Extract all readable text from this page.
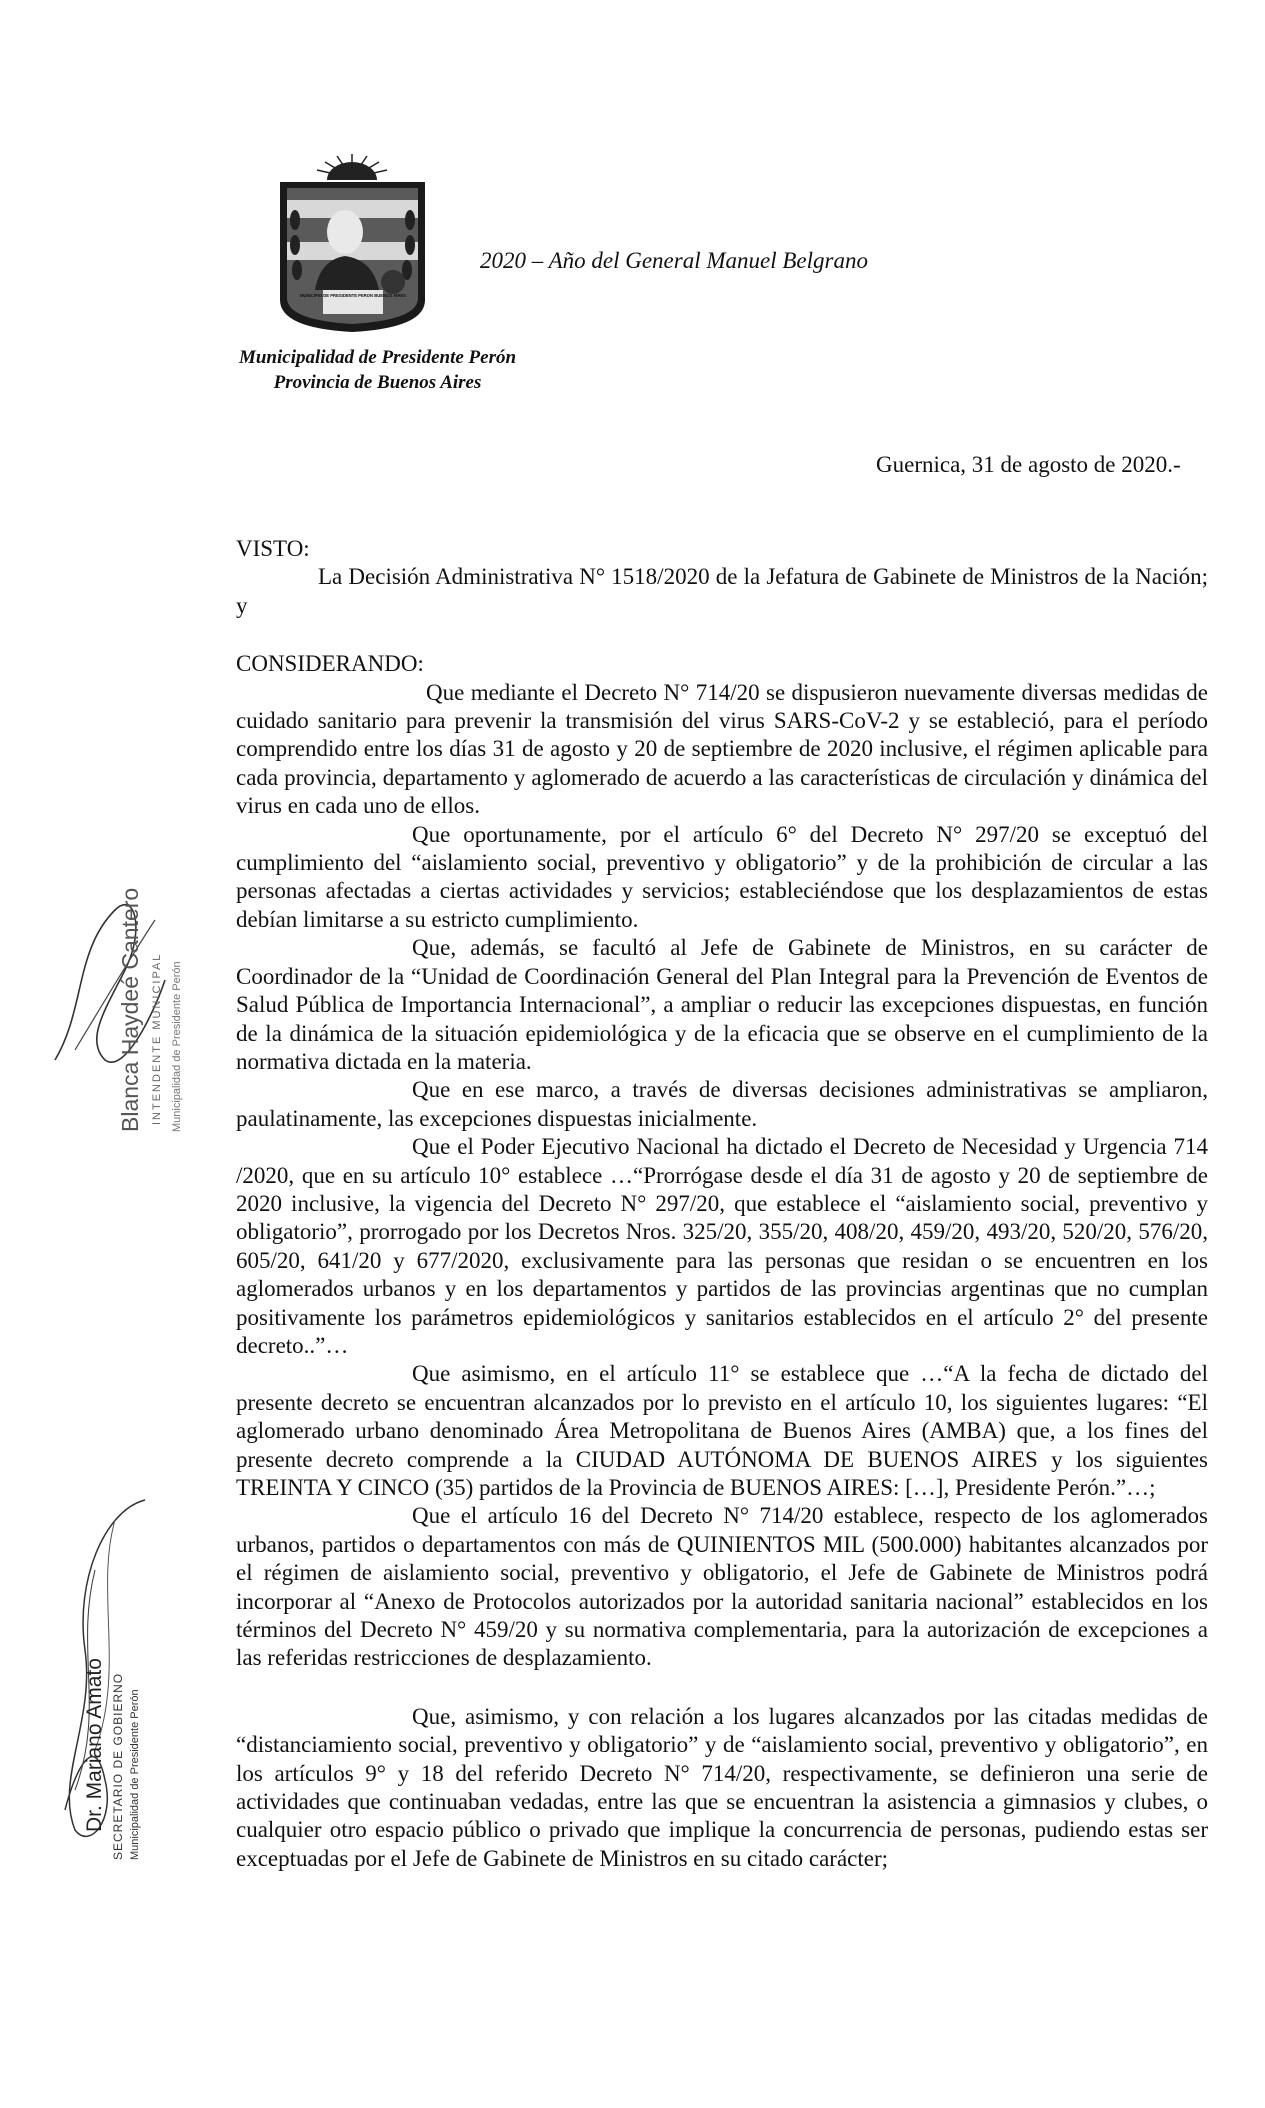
MUNICIPIO DE PRESIDENTE PERON BUENOS AIRES
2020 – Año del General Manuel Belgrano
Municipalidad de Presidente Perón
Provincia de Buenos Aires
Guernica, 31 de agosto de 2020.-

VISTO:

La Decisión Administrativa N° 1518/2020 de la Jefatura de Gabinete de Ministros de la Nación; y

CONSIDERANDO:

Que mediante el Decreto N° 714/20 se dispusieron nuevamente diversas medidas de cuidado sanitario para prevenir la transmisión del virus SARS-CoV-2 y se estableció, para el período comprendido entre los días 31 de agosto y 20 de septiembre de 2020 inclusive, el régimen aplicable para cada provincia, departamento y aglomerado de acuerdo a las características de circulación y dinámica del virus en cada uno de ellos.

Que oportunamente, por el artículo 6° del Decreto N° 297/20 se exceptuó del cumplimiento del “aislamiento social, preventivo y obligatorio” y de la prohibición de circular a las personas afectadas a ciertas actividades y servicios; estableciéndose que los desplazamientos de estas debían limitarse a su estricto cumplimiento.

Que, además, se facultó al Jefe de Gabinete de Ministros, en su carácter de Coordinador de la “Unidad de Coordinación General del Plan Integral para la Prevención de Eventos de Salud Pública de Importancia Internacional”, a ampliar o reducir las excepciones dispuestas, en función de la dinámica de la situación epidemiológica y de la eficacia que se observe en el cumplimiento de la normativa dictada en la materia.

Que en ese marco, a través de diversas decisiones administrativas se ampliaron, paulatinamente, las excepciones dispuestas inicialmente.

Que el Poder Ejecutivo Nacional ha dictado el Decreto de Necesidad y Urgencia 714 /2020, que en su artículo 10° establece …“Prorrógase desde el día 31 de agosto y 20 de septiembre de 2020 inclusive, la vigencia del Decreto N° 297/20, que establece el “aislamiento social, preventivo y obligatorio”, prorrogado por los Decretos Nros. 325/20, 355/20, 408/20, 459/20, 493/20, 520/20, 576/20, 605/20, 641/20 y 677/2020, exclusivamente para las personas que residan o se encuentren en los aglomerados urbanos y en los departamentos y partidos de las provincias argentinas que no cumplan positivamente los parámetros epidemiológicos y sanitarios establecidos en el artículo 2° del presente decreto..”…

Que asimismo, en el artículo 11° se establece que …“A la fecha de dictado del presente decreto se encuentran alcanzados por lo previsto en el artículo 10, los siguientes lugares: “El aglomerado urbano denominado Área Metropolitana de Buenos Aires (AMBA) que, a los fines del presente decreto comprende a la CIUDAD AUTÓNOMA DE BUENOS AIRES y los siguientes TREINTA Y CINCO (35) partidos de la Provincia de BUENOS AIRES: […], Presidente Perón.”…;

Que el artículo 16 del Decreto N° 714/20 establece, respecto de los aglomerados urbanos, partidos o departamentos con más de QUINIENTOS MIL (500.000) habitantes alcanzados por el régimen de aislamiento social, preventivo y obligatorio, el Jefe de Gabinete de Ministros podrá incorporar al “Anexo de Protocolos autorizados por la autoridad sanitaria nacional” establecidos en los términos del Decreto N° 459/20 y su normativa complementaria, para la autorización de excepciones a las referidas restricciones de desplazamiento.

Que, asimismo, y con relación a los lugares alcanzados por las citadas medidas de “distanciamiento social, preventivo y obligatorio” y de “aislamiento social, preventivo y obligatorio”, en los artículos 9° y 18 del referido Decreto N° 714/20, respectivamente, se definieron una serie de actividades que continuaban vedadas, entre las que se encuentran la asistencia a gimnasios y clubes, o cualquier otro espacio público o privado que implique la concurrencia de personas, pudiendo estas ser exceptuadas por el Jefe de Gabinete de Ministros en su citado carácter;

Blanca Haydeé Cantero INTENDENTE MUNICIPAL Municipalidad de Presidente Perón
Dr. Mariano Amato SECRETARIO DE GOBIERNO Municipalidad de Presidente Perón
